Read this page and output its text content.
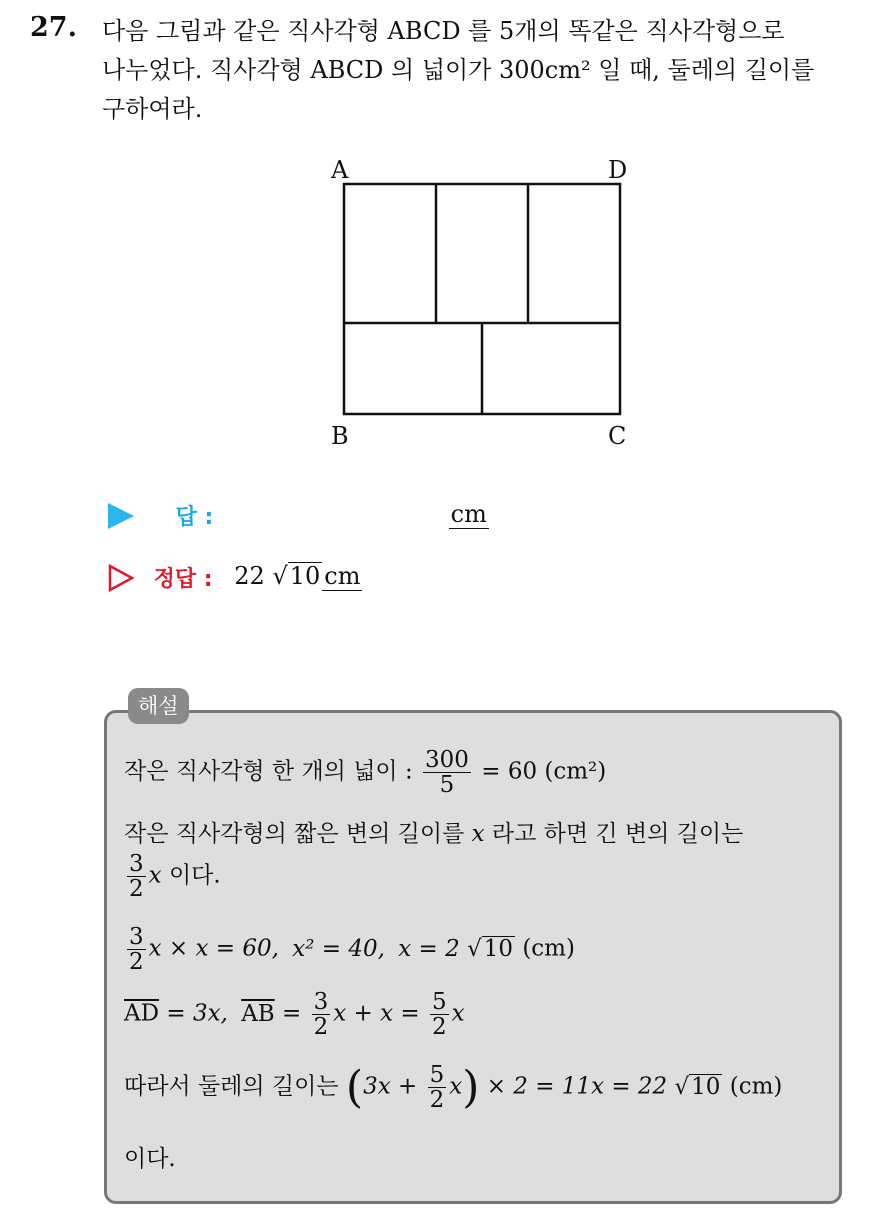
27. 다음 그림과 같은 직사각형 ABCD 를 5개의 똑같은 직사각형으로

나누었다. 직사각형 ABCD 의 넓이가 300cm² 일 때, 둘레의 길이를

구하여라.

A	D
B	C
답 :	cm
정답 : 22 √10 cm
해설
작은 직사각형 한 개의 넓이 : $\frac{300}{5} = 60$ (cm²)
작은 직사각형의 짧은 변의 길이를 x 라고 하면 긴 변의 길이는
$\frac{3}{2}$ x 이다.
$\frac{3}{2}$ x × x = 60, x² = 40, x = 2 √10 (cm)
$\overline{AD} = 3x$, $\overline{AB} = \frac{3}{2}$ $x + x = \frac{5}{2}$ x
따라서 둘레의 길이는 $(3x + \frac{5}{2} x) \times 2 = 11x = 22$ √10 (cm)
이다.
